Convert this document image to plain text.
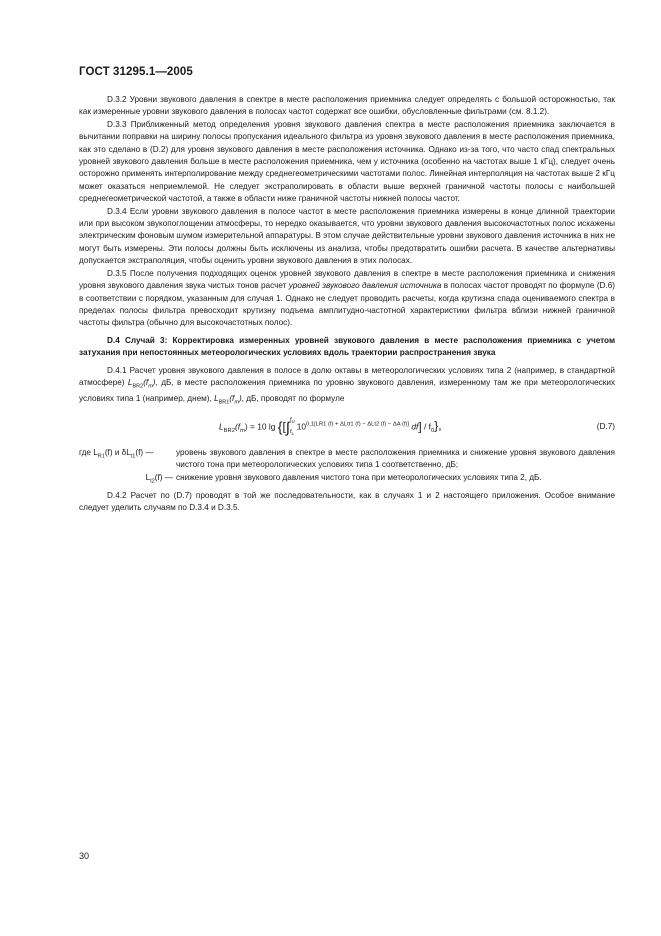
ГОСТ 31295.1—2005

D.3.2 Уровни звукового давления в спектре в месте расположения приемника следует определять с большой осторожностью, так как измеренные уровни звукового давления в полосах частот содержат все ошибки, обусловленные фильтрами (см. 8.1.2).

D.3.3 Приближенный метод определения уровня звукового давления спектра в месте расположения приемника заключается в вычитании поправки на ширину полосы пропускания идеального фильтра из уровня звукового давления в месте расположения приемника, как это сделано в (D.2) для уровня звукового давления в месте расположения источника. Однако из-за того, что часто спад спектральных уровней звукового давления больше в месте расположения приемника, чем у источника (особенно на частотах выше 1 кГц), следует очень осторожно применять интерполирование между среднегеометрическими частотами полос. Линейная интерполяция на частотах выше 2 кГц может оказаться неприемлемой. Не следует экстраполировать в области выше верхней граничной частоты полосы с наибольшей среднегеометрической частотой, а также в области ниже граничной частоты нижней полосы частот.

D.3.4 Если уровни звукового давления в полосе частот в месте расположения приемника измерены в конце длинной траектории или при высоком звукопоглощении атмосферы, то нередко оказывается, что уровни звукового давления высокочастотных полос искажены электрическим фоновым шумом измерительной аппаратуры. В этом случае действительные уровни звукового давления источника в них не могут быть измерены. Эти полосы должны быть исключены из анализа, чтобы предотвратить ошибки расчета. В качестве альтернативы допускается экстраполяция, чтобы оценить уровни звукового давления в этих полосах.

D.3.5 После получения подходящих оценок уровней звукового давления в спектре в месте расположения приемника и снижения уровня звукового давления звука чистых тонов расчет уровней звукового давления источника в полосах частот проводят по формуле (D.6) в соответствии с порядком, указанным для случая 1. Однако не следует проводить расчеты, когда крутизна спада оцениваемого спектра в пределах полосы фильтра превосходит крутизну подъема амплитудно-частотной характеристики фильтра вблизи нижней граничной частоты фильтра (обычно для высокочастотных полос).

D.4 Случай 3: Корректировка измеренных уровней звукового давления в месте расположения приемника с учетом затухания при непостоянных метеорологических условиях вдоль траектории распространения звука

D.4.1 Расчет уровня звукового давления в полосе в долю октавы в метеорологических условиях типа 2 (например, в стандартной атмосфере) $L_{BR2}(f_m)$, дБ, в месте расположения приемника по уровню звукового давления, измеренному там же при метеорологических условиях типа 1 (например, днем), $L_{BR1}(f_m)$, дБ, проводят по формуле

$L_{BR2}(f_m) = 10$ lg {[∫ $f_U$
$f_L$
$10^{0,1[LR1 (f) + \Delta Ltt1 (f) - \Delta Lt2 (f) - \Delta A (f)]}$ $df] / f_0$},	(D.7)
где $L_{R1}(f)$ и $\delta L_{t1}(f)$ —	уровень звукового давления в спектре в месте расположения приемника и снижение уровня звукового давления чистого тона при метеорологических условиях типа 1 соответственно, дБ;
$L_{t2}(f)$ — снижение уровня звукового давления чистого тона при метеорологических условиях типа 2, дБ.

D.4.2 Расчет по (D.7) проводят в той же последовательности, как в случаях 1 и 2 настоящего приложения. Особое внимание следует уделить случаям по D.3.4 и D.3.5.

30
